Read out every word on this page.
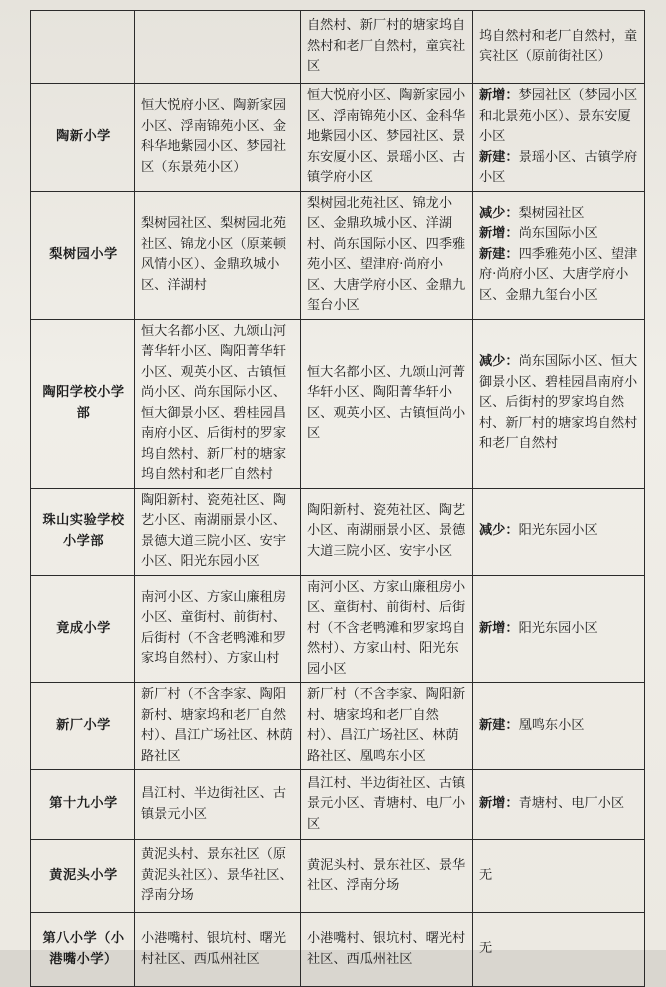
		自然村、新厂村的塘家坞自然村和老厂自然村，童宾社区	坞自然村和老厂自然村，童宾社区（原前街社区）

陶新小学	恒大悦府小区、陶新家园小区、浮南锦苑小区、金科华地紫园小区、梦园社区（东景苑小区）	恒大悦府小区、陶新家园小区、浮南锦苑小区、金科华地紫园小区、梦园社区、景东安厦小区、景瑶小区、古镇学府小区	新增：梦园社区（梦园小区和北景苑小区）、景东安厦小区
新建：景瑶小区、古镇学府小区

梨树园小学	梨树园社区、梨树园北苑社区、锦龙小区（原莱顿风情小区）、金鼎玖城小区、洋湖村	梨树园北苑社区、锦龙小区、金鼎玖城小区、洋湖村、尚东国际小区、四季雅苑小区、望津府·尚府小区、大唐学府小区、金鼎九玺台小区	减少：梨树园社区
新增：尚东国际小区
新建：四季雅苑小区、望津府·尚府小区、大唐学府小区、金鼎九玺台小区

陶阳学校小学部	恒大名都小区、九颂山河菁华轩小区、陶阳菁华轩小区、观英小区、古镇恒尚小区、尚东国际小区、恒大御景小区、碧桂园昌南府小区、后街村的罗家坞自然村、新厂村的塘家坞自然村和老厂自然村	恒大名都小区、九颂山河菁华轩小区、陶阳菁华轩小区、观英小区、古镇恒尚小区	减少：尚东国际小区、恒大御景小区、碧桂园昌南府小区、后街村的罗家坞自然村、新厂村的塘家坞自然村和老厂自然村

珠山实验学校小学部	陶阳新村、瓷苑社区、陶艺小区、南湖丽景小区、景德大道三院小区、安宇小区、阳光东园小区	陶阳新村、瓷苑社区、陶艺小区、南湖丽景小区、景德大道三院小区、安宇小区	减少：阳光东园小区

竟成小学	南河小区、方家山廉租房小区、童街村、前街村、后街村（不含老鸭滩和罗家坞自然村）、方家山村	南河小区、方家山廉租房小区、童街村、前街村、后街村（不含老鸭滩和罗家坞自然村）、方家山村、阳光东园小区	新增：阳光东园小区

新厂小学	新厂村（不含李家、陶阳新村、塘家坞和老厂自然村）、昌江广场社区、林荫路社区	新厂村（不含李家、陶阳新村、塘家坞和老厂自然村）、昌江广场社区、林荫路社区、凰鸣东小区	新建：凰鸣东小区

第十九小学	昌江村、半边街社区、古镇景元小区	昌江村、半边街社区、古镇景元小区、青塘村、电厂小区	新增：青塘村、电厂小区

黄泥头小学	黄泥头村、景东社区（原黄泥头社区）、景华社区、浮南分场	黄泥头村、景东社区、景华社区、浮南分场	无

第八小学（小港嘴小学）	小港嘴村、银坑村、曙光村社区、西瓜州社区	小港嘴村、银坑村、曙光村社区、西瓜州社区	无
